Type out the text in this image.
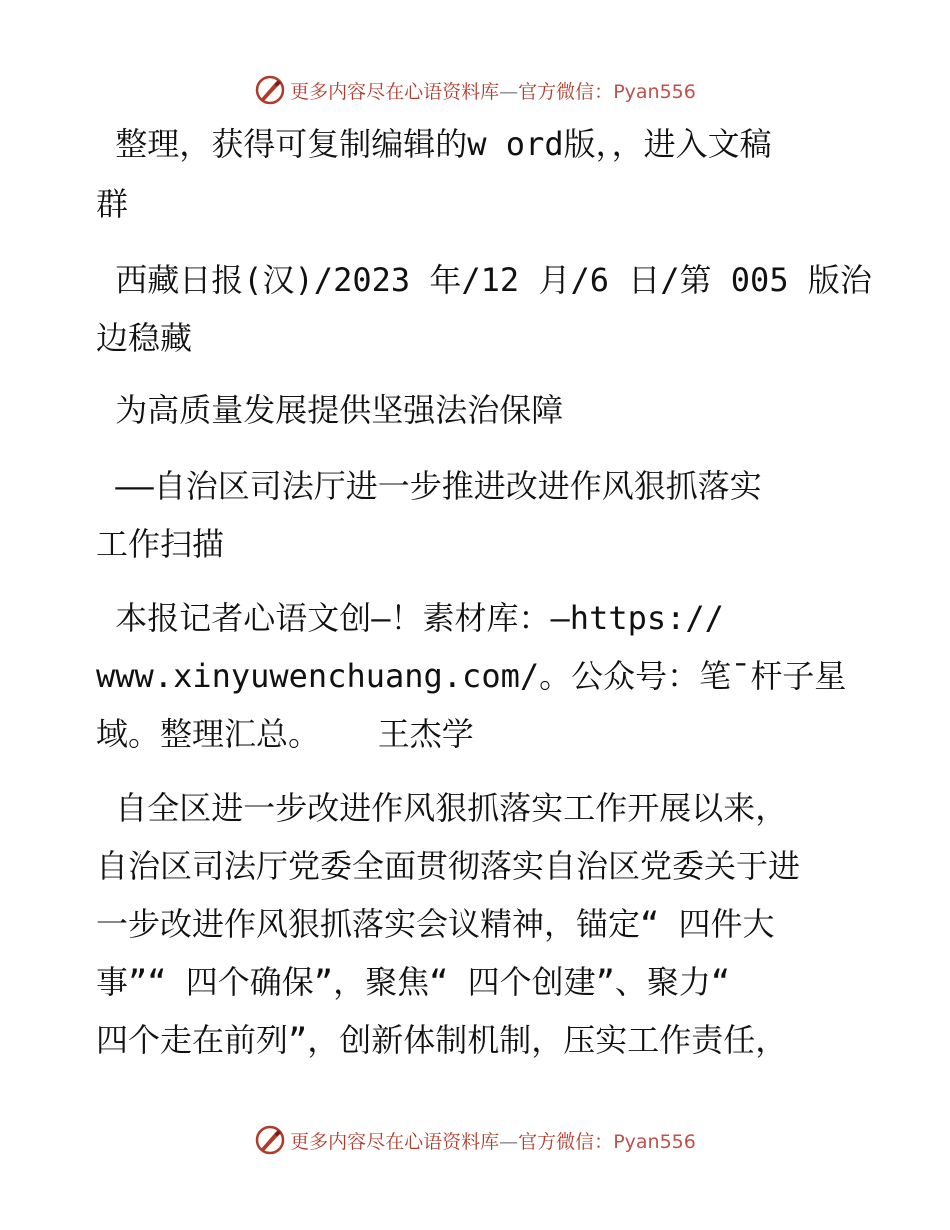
更多内容尽在心语资料库—官方微信：Pyan556
整理，获得可复制编辑的w ord版，，进入文稿
群
西藏日报(汉)/2023 年/12 月/6 日/第 005 版治
边稳藏
为高质量发展提供坚强法治保障
——自治区司法厅进一步推进改进作风狠抓落实
工作扫描
本报记者心语文创—！素材库：—https://
www.xinyuwenchuang.com/。公众号：笔¯杆子星
域。整理汇总。   王杰学
自全区进一步改进作风狠抓落实工作开展以来，
自治区司法厅党委全面贯彻落实自治区党委关于进
一步改进作风狠抓落实会议精神，锚定“ 四件大
事”“ 四个确保”，聚焦“ 四个创建”、聚力“
四个走在前列”，创新体制机制，压实工作责任，
更多内容尽在心语资料库—官方微信：Pyan556
